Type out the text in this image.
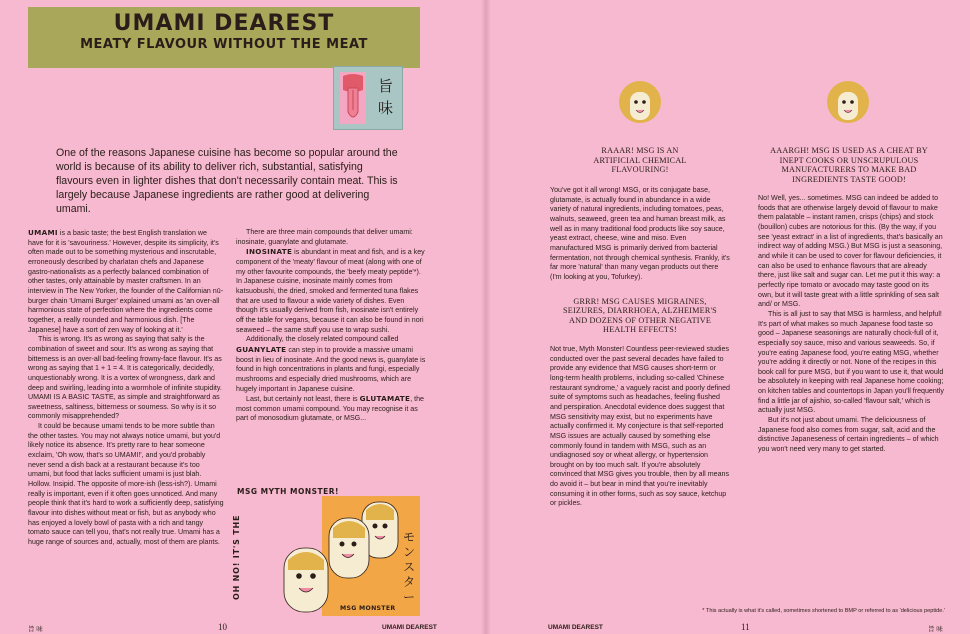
UMAMI DEAREST
MEATY FLAVOUR WITHOUT THE MEAT
旨
味

One of the reasons Japanese cuisine has become so popular around the world is because of its ability to deliver rich, substantial, satisfying flavours even in lighter dishes that don't necessarily contain meat. This is largely because Japanese ingredients are rather good at delivering umami.

UMAMI is a basic taste; the best English translation we have for it is 'savouriness.' However, despite its simplicity, it's often made out to be something mysterious and inscrutable, erroneously described by charlatan chefs and Japanese gastro-nationalists as a perfectly balanced combination of other tastes, only attainable by master craftsmen. In an interview in The New Yorker, the founder of the Californian nū-burger chain 'Umami Burger' explained umami as 'an over-all harmonious state of perfection where the ingredients come together, a really rounded and harmonious dish. [The Japanese] have a sort of zen way of looking at it.'

This is wrong. It's as wrong as saying that salty is the combination of sweet and sour. It's as wrong as saying that bitterness is an over-all bad-feeling frowny-face flavour. It's as wrong as saying that 1 + 1 = 4. It is categorically, decidedly, unquestionably wrong. It is a vortex of wrongness, dark and deep and swirling, leading into a wormhole of infinite stupidity. UMAMI IS A BASIC TASTE, as simple and straightforward as sweetness, saltiness, bitterness or sourness. So why is it so commonly misapprehended?

It could be because umami tends to be more subtle than the other tastes. You may not always notice umami, but you'd likely notice its absence. It's pretty rare to hear someone exclaim, 'Oh wow, that's so UMAMI!', and you'd probably never send a dish back at a restaurant because it's too umami, but food that lacks sufficient umami is just blah. Hollow. Insipid. The opposite of more-ish (less-ish?). Umami really is important, even if it often goes unnoticed. And many people think that it's hard to work a sufficiently deep, satisfying flavour into dishes without meat or fish, but as anybody who has enjoyed a lovely bowl of pasta with a rich and tangy tomato sauce can tell you, that's not really true. Umami has a huge range of sources and, actually, most of them are plants.

There are three main compounds that deliver umami: inosinate, guanylate and glutamate.

INOSINATE is abundant in meat and fish, and is a key component of the 'meaty' flavour of meat (along with one of my other favourite compounds, the 'beefy meaty peptide'*). In Japanese cuisine, inosinate mainly comes from katsuobushi, the dried, smoked and fermented tuna flakes that are used to flavour a wide variety of dishes. Even though it's usually derived from fish, inosinate isn't entirely off the table for vegans, because it can also be found in nori seaweed – the same stuff you use to wrap sushi.

Additionally, the closely related compound called GUANYLATE can step in to provide a massive umami boost in lieu of inosinate. And the good news is, guanylate is found in high concentrations in plants and fungi, especially mushrooms and especially dried mushrooms, which are hugely important in Japanese cuisine.

Last, but certainly not least, there is GLUTAMATE, the most common umami compound. You may recognise it as part of monosodium glutamate, or MSG...

MSG MYTH MONSTER!
OH NO! IT'S THE	モ
ン
ス
タ
ー
MSG MONSTER
旨 味	10	UMAMI DEAREST
RAAAR! MSG IS AN ARTIFICIAL CHEMICAL FLAVOURING!

You've got it all wrong! MSG, or its conjugate base, glutamate, is actually found in abundance in a wide variety of natural ingredients, including tomatoes, peas, walnuts, seaweed, green tea and human breast milk, as well as in many traditional food products like soy sauce, yeast extract, cheese, wine and miso. Even manufactured MSG is primarily derived from bacterial fermentation, not through chemical synthesis. Frankly, it's far more 'natural' than many vegan products out there (I'm looking at you, Tofurkey).

GRRR! MSG CAUSES MIGRAINES, SEIZURES, DIARRHOEA, ALZHEIMER'S AND DOZENS OF OTHER NEGATIVE HEALTH EFFECTS!

Not true, Myth Monster! Countless peer-reviewed studies conducted over the past several decades have failed to provide any evidence that MSG causes short-term or long-term health problems, including so-called 'Chinese restaurant syndrome,' a vaguely racist and poorly defined suite of symptoms such as headaches, feeling flushed and perspiration. Anecdotal evidence does suggest that MSG sensitivity may exist, but no experiments have actually confirmed it. My conjecture is that self-reported MSG issues are actually caused by something else commonly found in tandem with MSG, such as an undiagnosed soy or wheat allergy, or hypertension brought on by too much salt. If you're absolutely convinced that MSG gives you trouble, then by all means do avoid it – but bear in mind that you're inevitably consuming it in other forms, such as soy sauce, ketchup or pickles.

AAARGH! MSG IS USED AS A CHEAT BY INEPT COOKS OR UNSCRUPULOUS MANUFACTURERS TO MAKE BAD INGREDIENTS TASTE GOOD!

No! Well, yes... sometimes. MSG can indeed be added to foods that are otherwise largely devoid of flavour to make them palatable – instant ramen, crisps (chips) and stock (bouillon) cubes are notorious for this. (By the way, if you see 'yeast extract' in a list of ingredients, that's basically an indirect way of adding MSG.) But MSG is just a seasoning, and while it can be used to cover for flavour deficiencies, it can also be used to enhance flavours that are already there, just like salt and sugar can. Let me put it this way: a perfectly ripe tomato or avocado may taste good on its own, but it will taste great with a little sprinkling of sea salt and/ or MSG.

This is all just to say that MSG is harmless, and helpful! It's part of what makes so much Japanese food taste so good – Japanese seasonings are naturally chock-full of it, especially soy sauce, miso and various seaweeds. So, if you're eating Japanese food, you're eating MSG, whether you're adding it directly or not. None of the recipes in this book call for pure MSG, but if you want to use it, that would be absolutely in keeping with real Japanese home cooking; on kitchen tables and countertops in Japan you'll frequently find a little jar of ajishio, so-called 'flavour salt,' which is actually just MSG.

But it's not just about umami. The deliciousness of Japanese food also comes from sugar, salt, acid and the distinctive Japaneseness of certain ingredients – of which you won't need very many to get started.

* This actually is what it's called, sometimes shortened to BMP or referred to as 'delicious peptide.'
UMAMI DEAREST	11	旨 味
